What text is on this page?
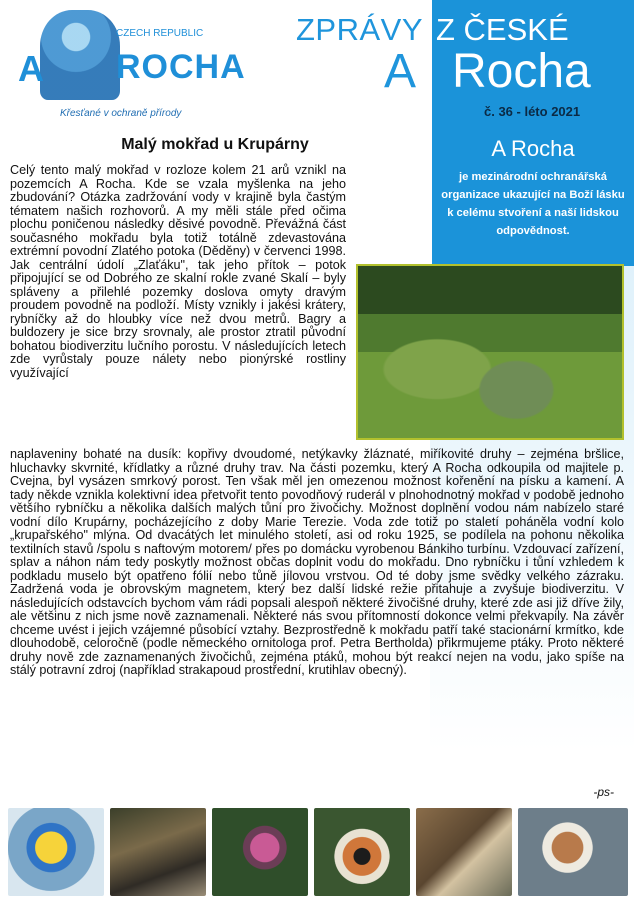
CZECH REPUBLIC
A ROCHA
Křesťané v ochraně přírody
ZPRÁVY
A
Z ČESKÉ
Rocha
č. 36 - léto 2021
A Rocha
je mezinárodní ochranářská organizace ukazující na Boží lásku k celému stvoření a naší lidskou odpovědnost.
Malý mokřad u Krupárny
Celý tento malý mokřad v rozloze kolem 21 arů vznikl na pozemcích A Rocha. Kde se vzala myšlenka na jeho zbudování? Otázka zadržování vody v krajině byla častým tématem našich rozhovorů. A my měli stále před očima plochu poničenou následky děsivé povodně. Převážná část současného mokřadu byla totiž totálně zdevastována extrémní povodní Zlatého potoka (Děděny) v červenci 1998. Jak centrální údolí „Zlaťáku", tak jeho přítok – potok připojující se od Dobrého ze skalní rokle zvané Skalí – byly spláveny a přilehlé pozemky doslova omyty dravým proudem povodně na podloží. Místy vznikly i jakési krátery, rybníčky až do hloubky více než dvou metrů. Bagry a buldozery je sice brzy srovnaly, ale prostor ztratil původní bohatou biodiverzitu lučního porostu. V následujících letech zde vyrůstaly pouze nálety nebo pionýrské rostliny využívající
naplaveniny bohaté na dusík: kopřivy dvoudomé, netýkavky žláznaté, miříkovité druhy – zejména bršlice, hluchavky skvrnité, křídlatky a různé druhy trav. Na části pozemku, který A Rocha odkoupila od majitele p. Cvejna, byl vysázen smrkový porost. Ten však měl jen omezenou možnost kořenění na písku a kamení. A tady někde vznikla kolektivní idea přetvořit tento povodňový ruderál v plnohodnotný mokřad v podobě jednoho většího rybníčku a několika dalších malých tůní pro živočichy. Možnost doplnění vodou nám nabízelo staré vodní dílo Krupárny, pocházejícího z doby Marie Terezie. Voda zde totiž po staletí poháněla vodní kolo „krupařského" mlýna. Od dvacátých let minulého století, asi od roku 1925, se podílela na pohonu několika textilních stavů /spolu s naftovým motorem/ přes po domácku vyrobenou Bánkiho turbínu. Vzdouvací zařízení, splav a náhon nám tedy poskytly možnost občas doplnit vodu do mokřadu. Dno rybníčku i tůní vzhledem k podkladu muselo být opatřeno fólií nebo tůně jílovou vrstvou. Od té doby jsme svědky velkého zázraku. Zadržená voda je obrovským magnetem, který bez další lidské režie přitahuje a zvyšuje biodiverzitu. V následujících odstavcích bychom vám rádi popsali alespoň některé živočišné druhy, které zde asi již dříve žily, ale většinu z nich jsme nově zaznamenali. Některé nás svou přítomností dokonce velmi překvapily. Na závěr chceme uvést i jejich vzájemné působící vztahy. Bezprostředně k mokřadu patří také stacionární krmítko, kde dlouhodobě, celoročně (podle německého ornitologa prof. Petra Bertholda) přikrmujeme ptáky. Proto některé druhy nově zde zaznamenaných živočichů, zejména ptáků, mohou být reakcí nejen na vodu, jako spíše na stálý potravní zdroj (například strakapoud prostřední, krutihlav obecný).
-ps-
